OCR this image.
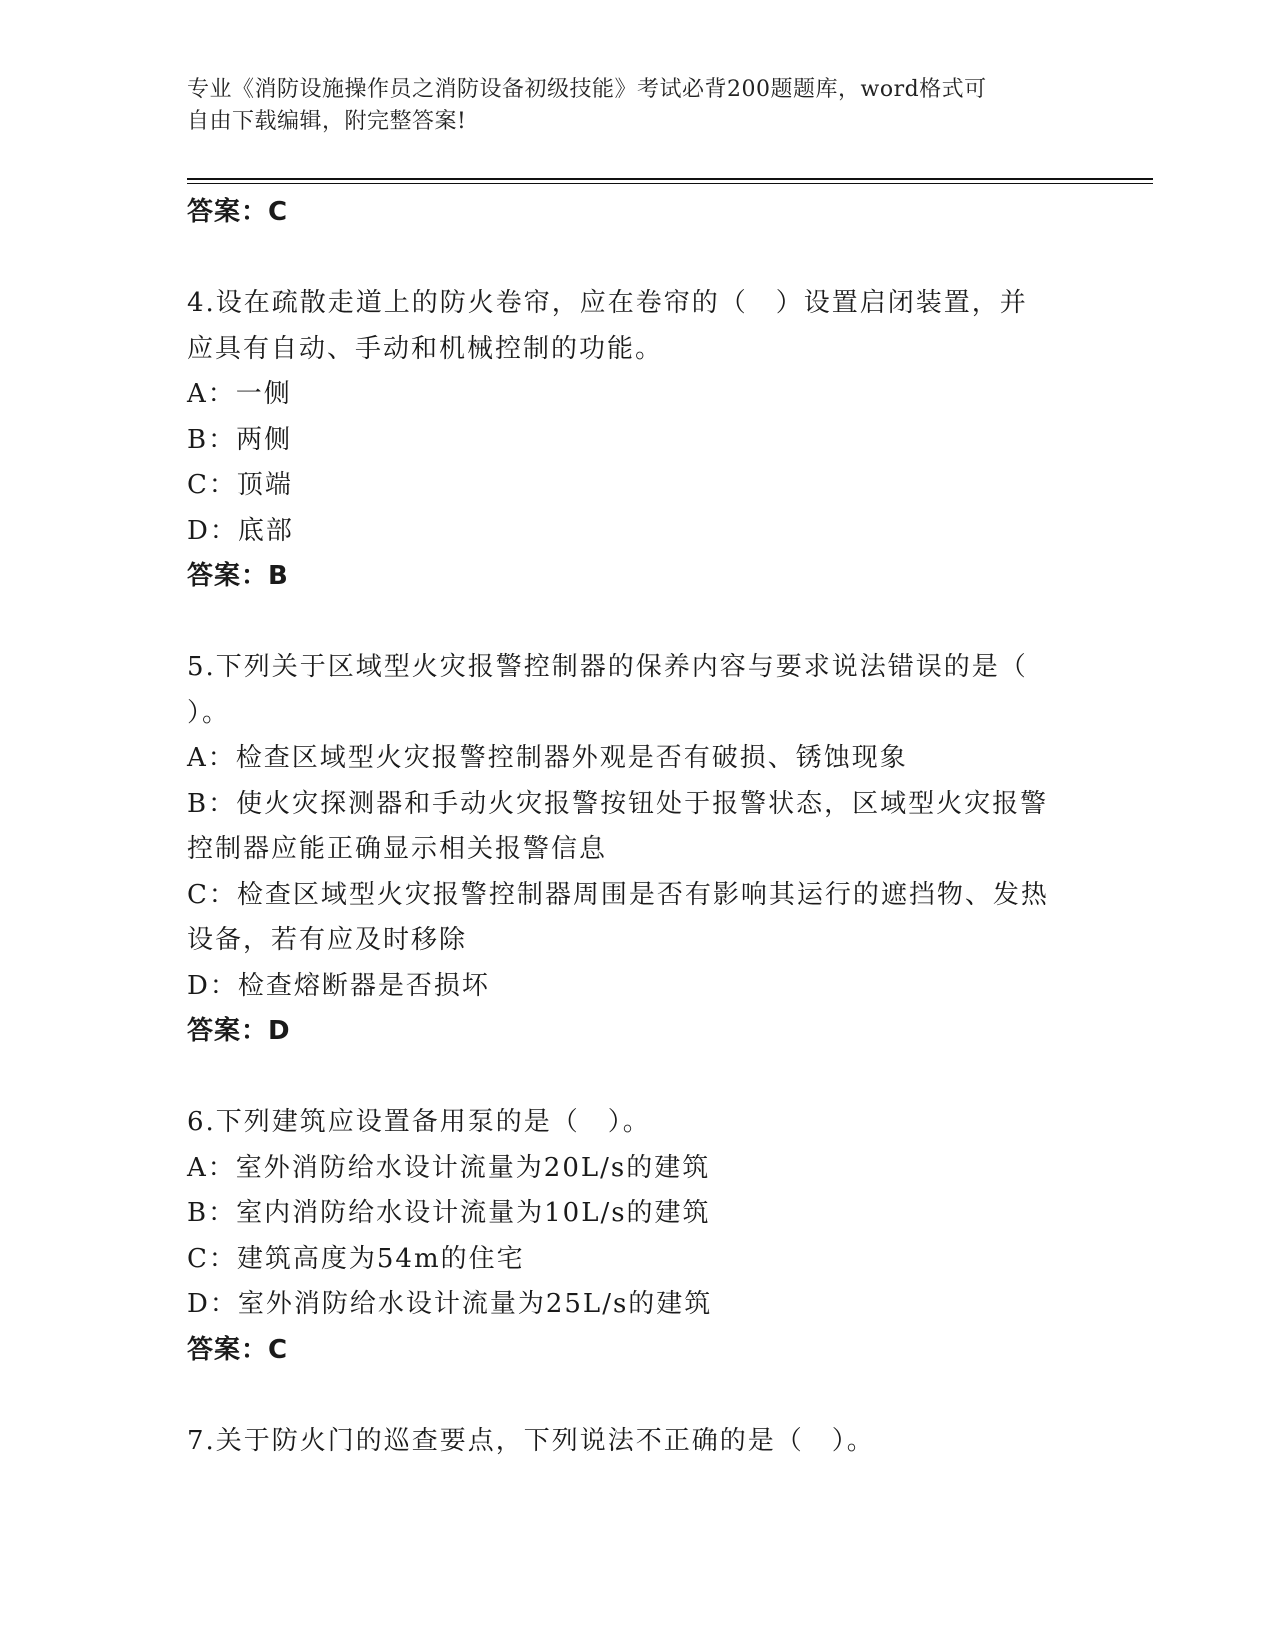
专业《消防设施操作员之消防设备初级技能》考试必背200题题库，word格式可
自由下载编辑，附完整答案!
答案：C
4.设在疏散走道上的防火卷帘，应在卷帘的（　）设置启闭装置，并
应具有自动、手动和机械控制的功能。
A：一侧
B：两侧
C：顶端
D：底部
答案：B
5.下列关于区域型火灾报警控制器的保养内容与要求说法错误的是（
）。
A：检查区域型火灾报警控制器外观是否有破损、锈蚀现象
B：使火灾探测器和手动火灾报警按钮处于报警状态，区域型火灾报警
控制器应能正确显示相关报警信息
C：检查区域型火灾报警控制器周围是否有影响其运行的遮挡物、发热
设备，若有应及时移除
D：检查熔断器是否损坏
答案：D
6.下列建筑应设置备用泵的是（　）。
A：室外消防给水设计流量为20L/s的建筑
B：室内消防给水设计流量为10L/s的建筑
C：建筑高度为54m的住宅
D：室外消防给水设计流量为25L/s的建筑
答案：C
7.关于防火门的巡查要点，下列说法不正确的是（　）。
